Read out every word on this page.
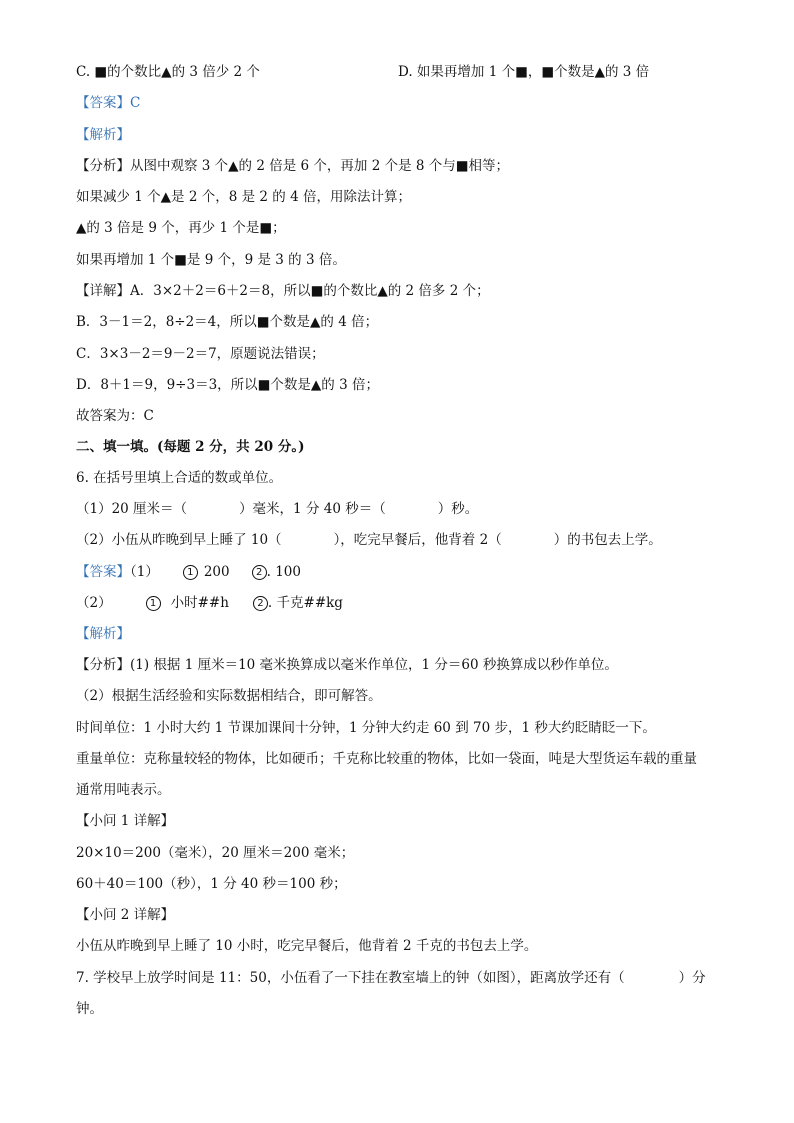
C. ■的个数比▲的 3 倍少 2 个	D. 如果再增加 1 个■，■个数是▲的 3 倍
【答案】C
【解析】
【分析】从图中观察 3 个▲的 2 倍是 6 个，再加 2 个是 8 个与■相等；
如果减少 1 个▲是 2 个，8 是 2 的 4 倍，用除法计算；
▲的 3 倍是 9 个，再少 1 个是■；
如果再增加 1 个■是 9 个，9 是 3 的 3 倍。
【详解】A．3×2＋2＝6＋2＝8，所以■的个数比▲的 2 倍多 2 个；
B．3－1＝2，8÷2＝4，所以■个数是▲的 4 倍；
C．3×3－2＝9－2＝7，原题说法错误；
D．8＋1＝9，9÷3＝3，所以■个数是▲的 3 倍；
故答案为：C
二、填一填。(每题 2 分，共 20 分。)
6. 在括号里填上合适的数或单位。
（1）20 厘米＝（	）毫米，1 分 40 秒＝（	）秒。
（2）小伍从昨晚到早上睡了 10（	），吃完早餐后，他背着 2（	）的书包去上学。
【答案】（1）	1 200	2 . 100
（2）	1 小时##h	2 . 千克##kg
【解析】
【分析】(1) 根据 1 厘米＝10 毫米换算成以毫米作单位，1 分＝60 秒换算成以秒作单位。
（2）根据生活经验和实际数据相结合，即可解答。
时间单位：1 小时大约 1 节课加课间十分钟，1 分钟大约走 60 到 70 步，1 秒大约眨睛眨一下。
重量单位：克称量较轻的物体，比如硬币；千克称比较重的物体，比如一袋面，吨是大型货运车载的重量
通常用吨表示。
【小问 1 详解】
20×10＝200（毫米），20 厘米＝200 毫米；
60＋40＝100（秒），1 分 40 秒＝100 秒；
【小问 2 详解】
小伍从昨晚到早上睡了 10 小时，吃完早餐后，他背着 2 千克的书包去上学。
7. 学校早上放学时间是 11：50，小伍看了一下挂在教室墙上的钟（如图），距离放学还有（	）分
钟。
